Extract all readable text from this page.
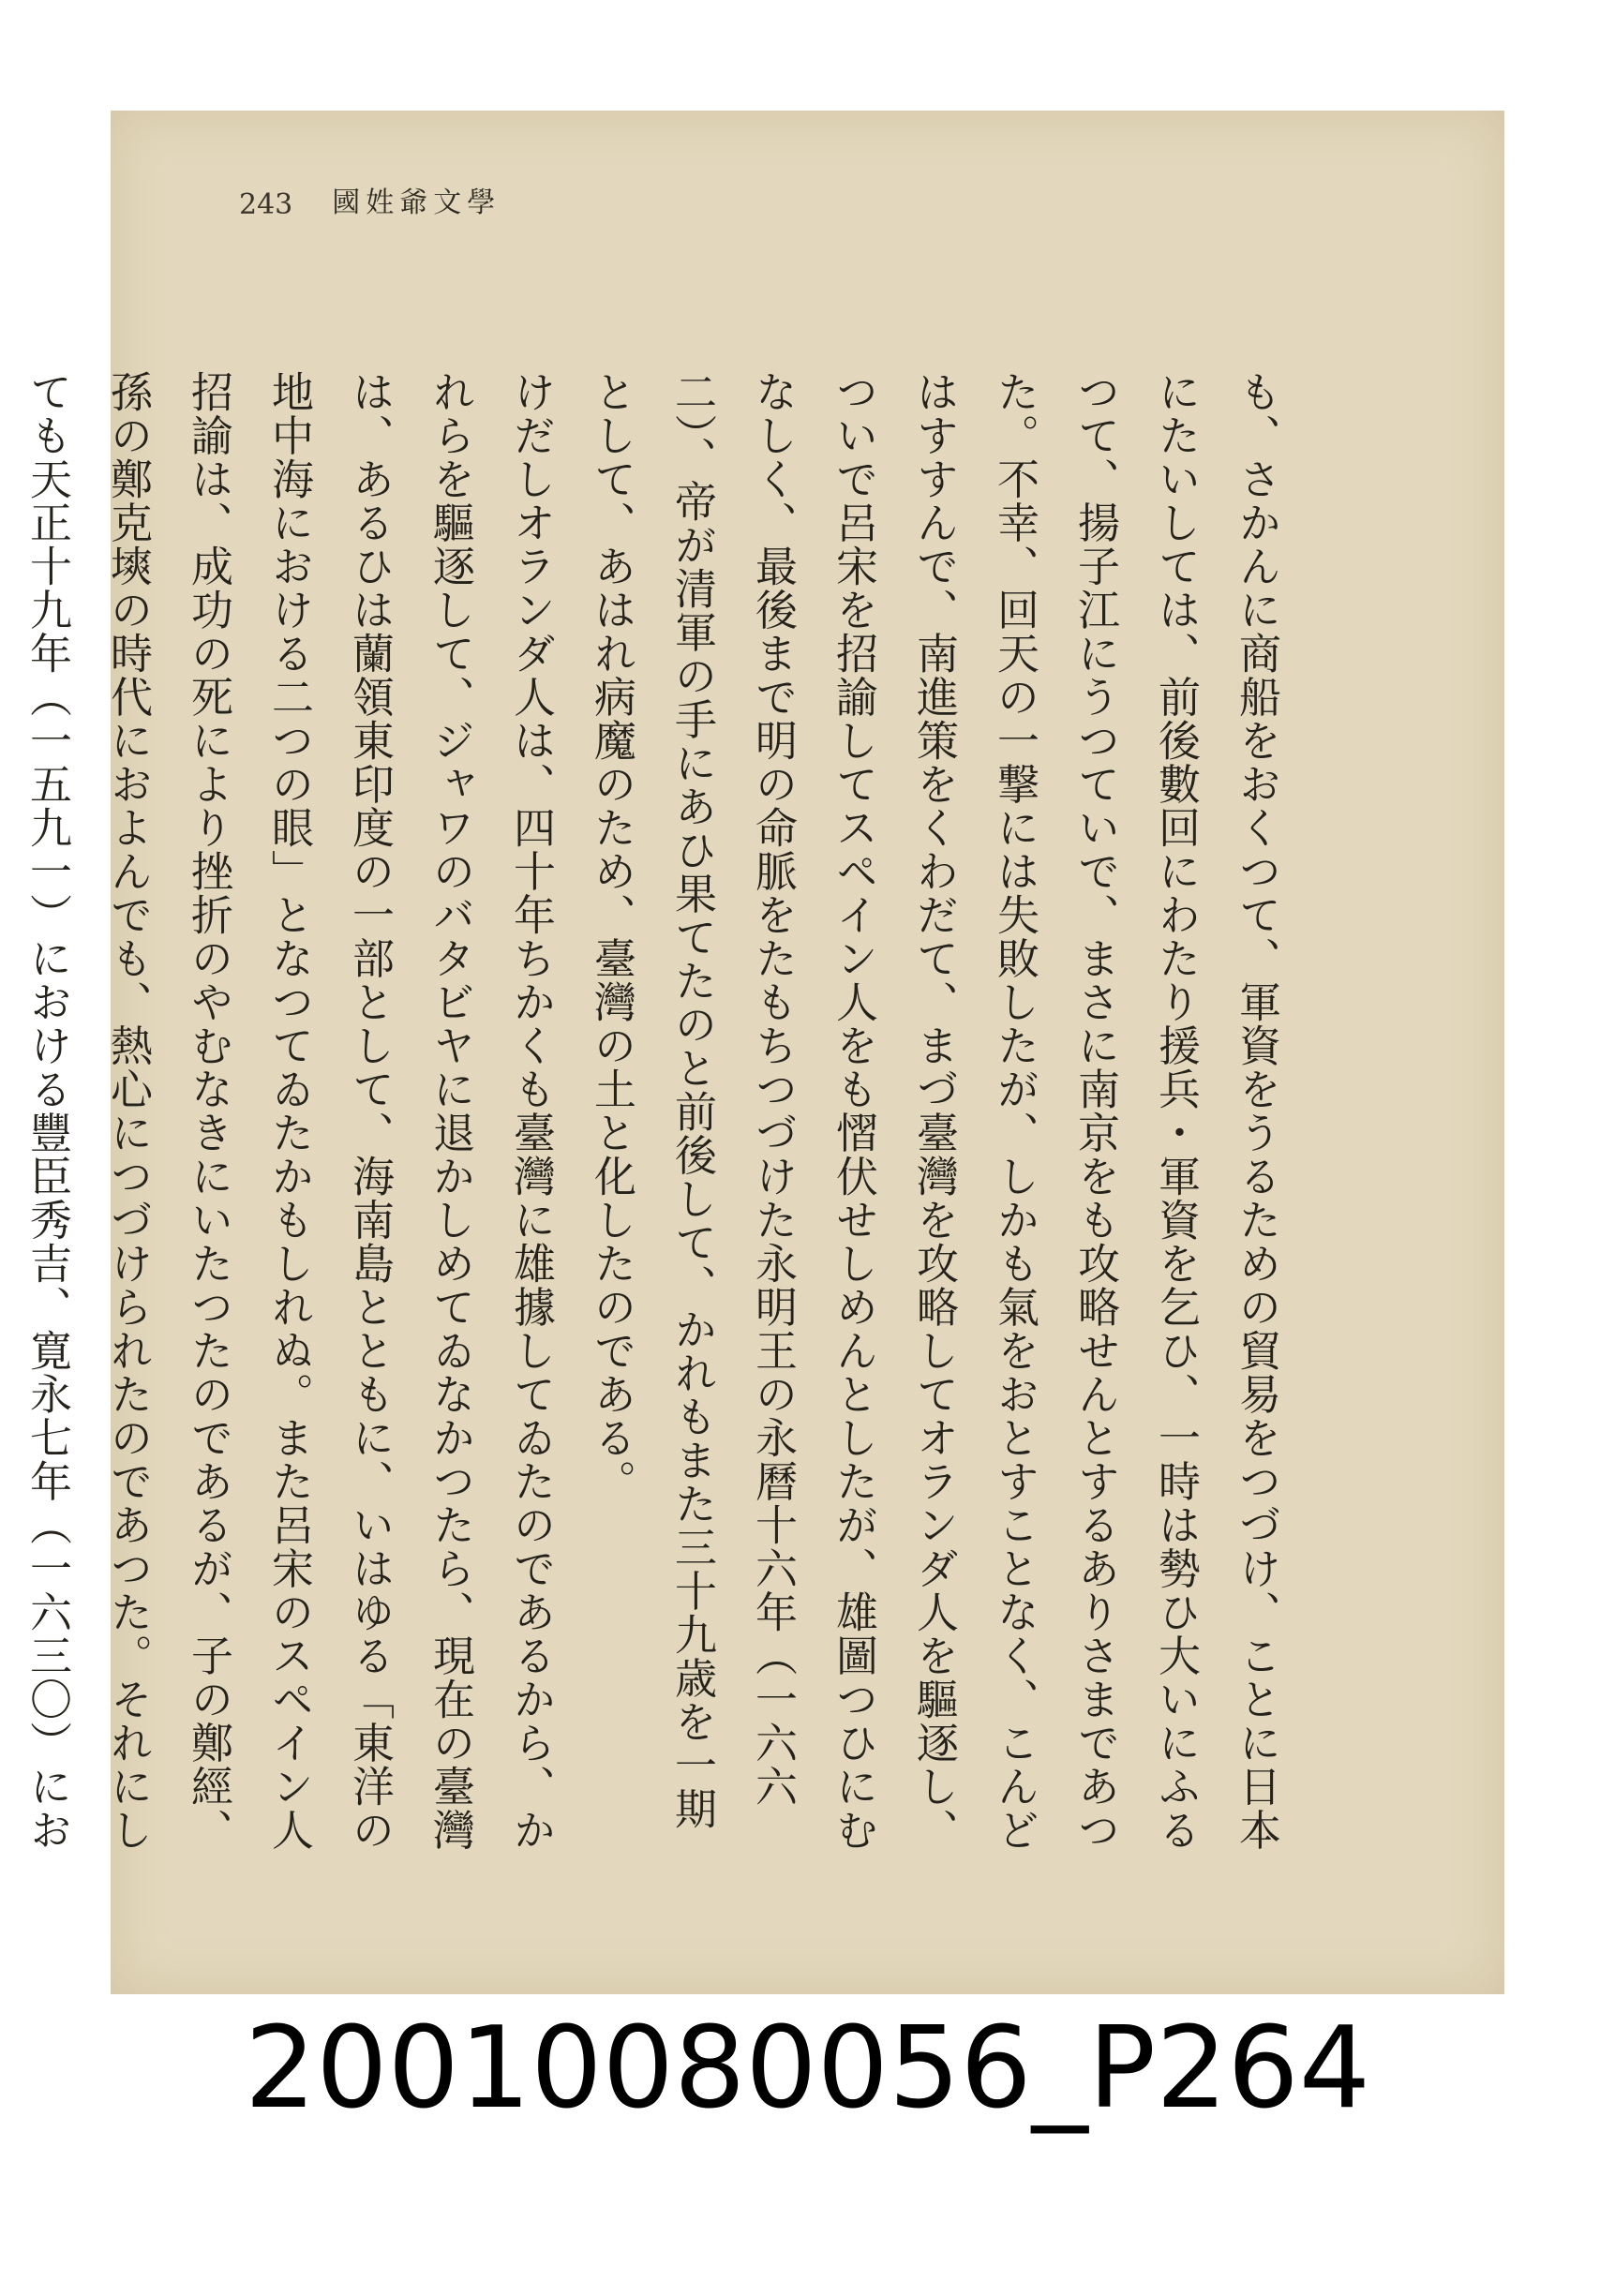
243 國姓爺文學

も、さかんに商船をおくつて、軍資をうるための貿易をつづけ、ことに日本にたいしては、前後數回にわたり援兵・軍資を乞ひ、一時は勢ひ大いにふるつて、揚子江にうつていで、まさに南京をも攻略せんとするありさまであつた。不幸、回天の一撃には失敗したが、しかも氣をおとすことなく、こんどはすすんで、南進策をくわだて、まづ臺灣を攻略してオランダ人を驅逐し、ついで呂宋を招諭してスペイン人をも慴伏せしめんとしたが、雄圖つひにむなしく、最後まで明の命脈をたもちつづけた永明王の永曆十六年（一六六二）、帝が清軍の手にあひ果てたのと前後して、かれもまた三十九歳を一期として、あはれ病魔のため、臺灣の土と化したのである。

けだしオランダ人は、四十年ちかくも臺灣に雄據してゐたのであるから、かれらを驅逐して、ジャワのバタビヤに退かしめてゐなかつたら、現在の臺灣は、あるひは蘭領東印度の一部として、海南島とともに、いはゆる「東洋の地中海における二つの眼」となつてゐたかもしれぬ。また呂宋のスペイン人招諭は、成功の死により挫折のやむなきにいたつたのであるが、子の鄭經、孫の鄭克塽の時代におよんでも、熱心につづけられたのであつた。それにしても天正十九年（一五九一）における豐臣秀吉、寛永七年（一六三〇）にお

20010080056_P264
